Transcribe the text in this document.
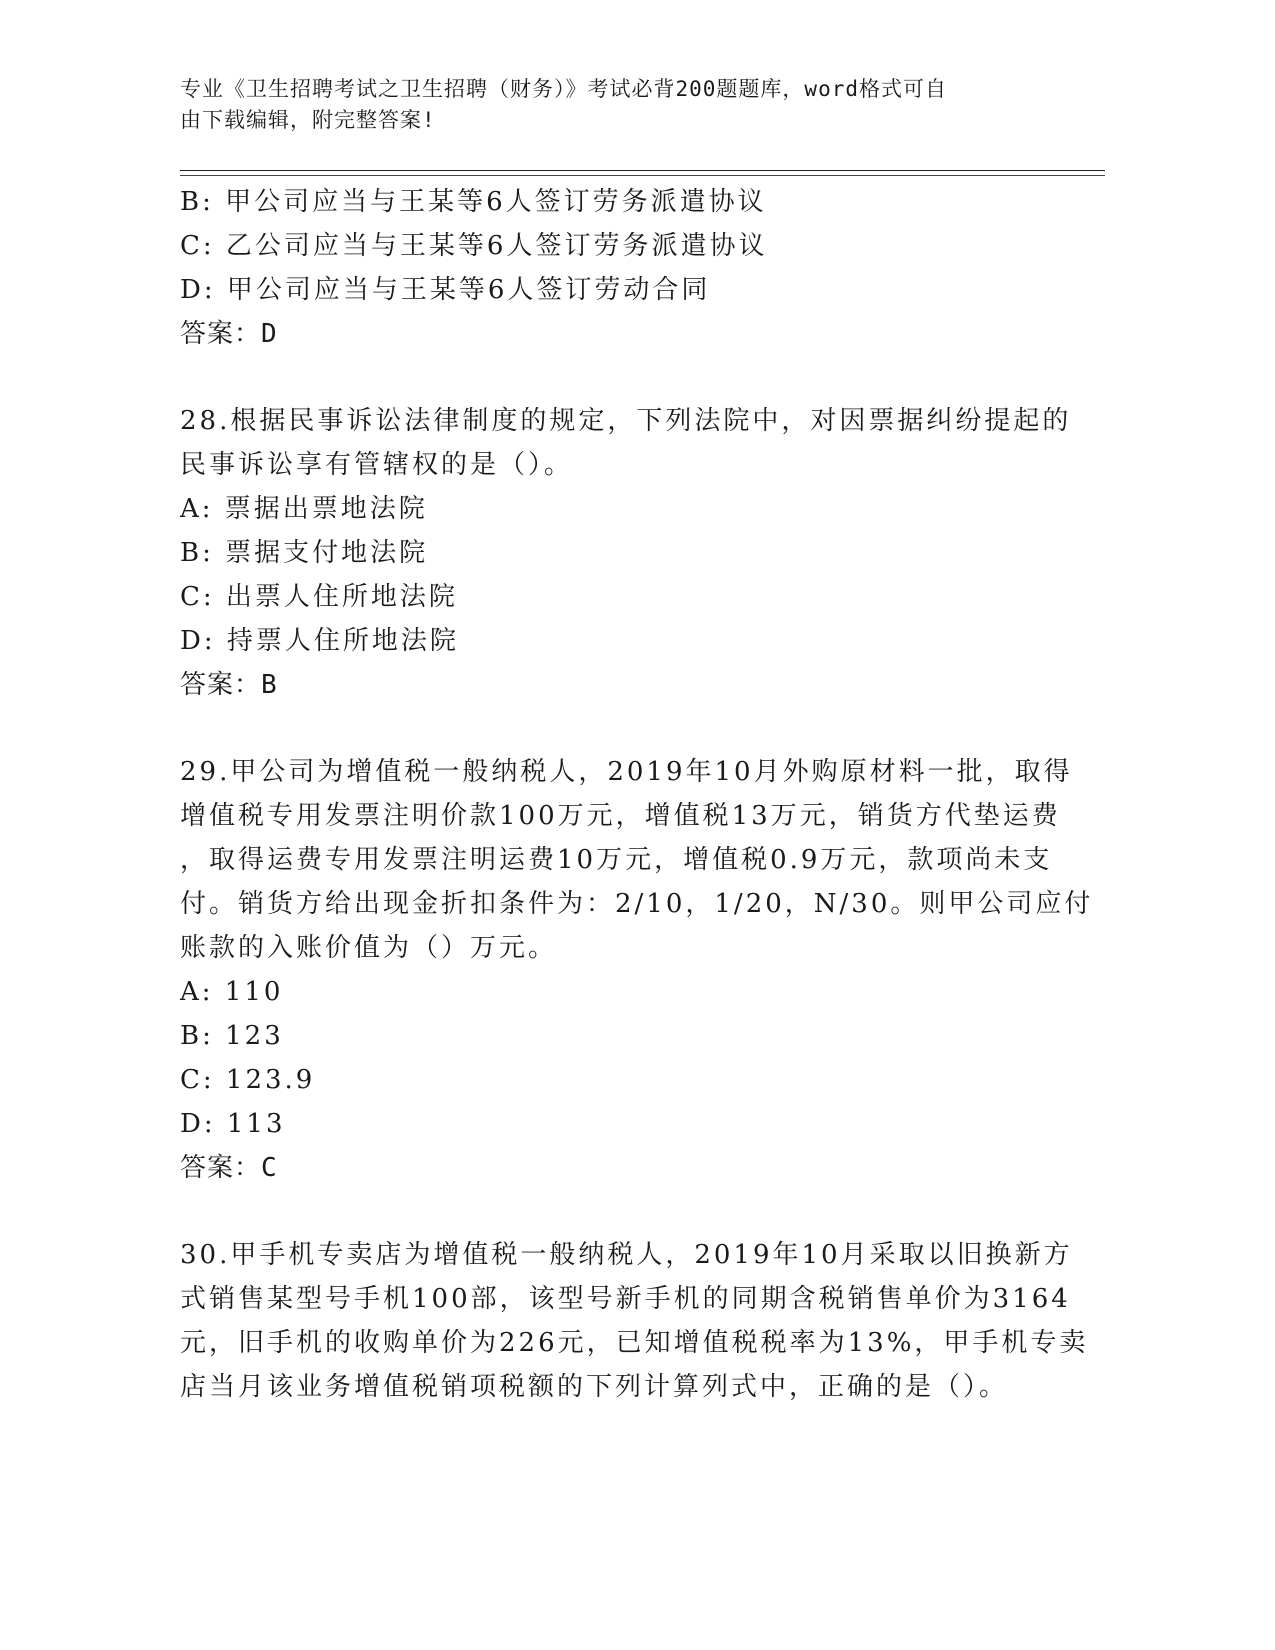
专业《卫生招聘考试之卫生招聘（财务）》考试必背200题题库，word格式可自
由下载编辑，附完整答案!
B: 甲公司应当与王某等6人签订劳务派遣协议
C: 乙公司应当与王某等6人签订劳务派遣协议
D: 甲公司应当与王某等6人签订劳动合同
答案：D
28.根据民事诉讼法律制度的规定，下列法院中，对因票据纠纷提起的
民事诉讼享有管辖权的是（）。
A: 票据出票地法院
B: 票据支付地法院
C: 出票人住所地法院
D: 持票人住所地法院
答案：B
29.甲公司为增值税一般纳税人，2019年10月外购原材料一批，取得
增值税专用发票注明价款100万元，增值税13万元，销货方代垫运费
，取得运费专用发票注明运费10万元，增值税0.9万元，款项尚未支
付。销货方给出现金折扣条件为：2/10，1/20，N/30。则甲公司应付
账款的入账价值为（）万元。
A: 110
B: 123
C: 123.9
D: 113
答案：C
30.甲手机专卖店为增值税一般纳税人，2019年10月采取以旧换新方
式销售某型号手机100部，该型号新手机的同期含税销售单价为3164
元，旧手机的收购单价为226元，已知增值税税率为13%，甲手机专卖
店当月该业务增值税销项税额的下列计算列式中，正确的是（）。
